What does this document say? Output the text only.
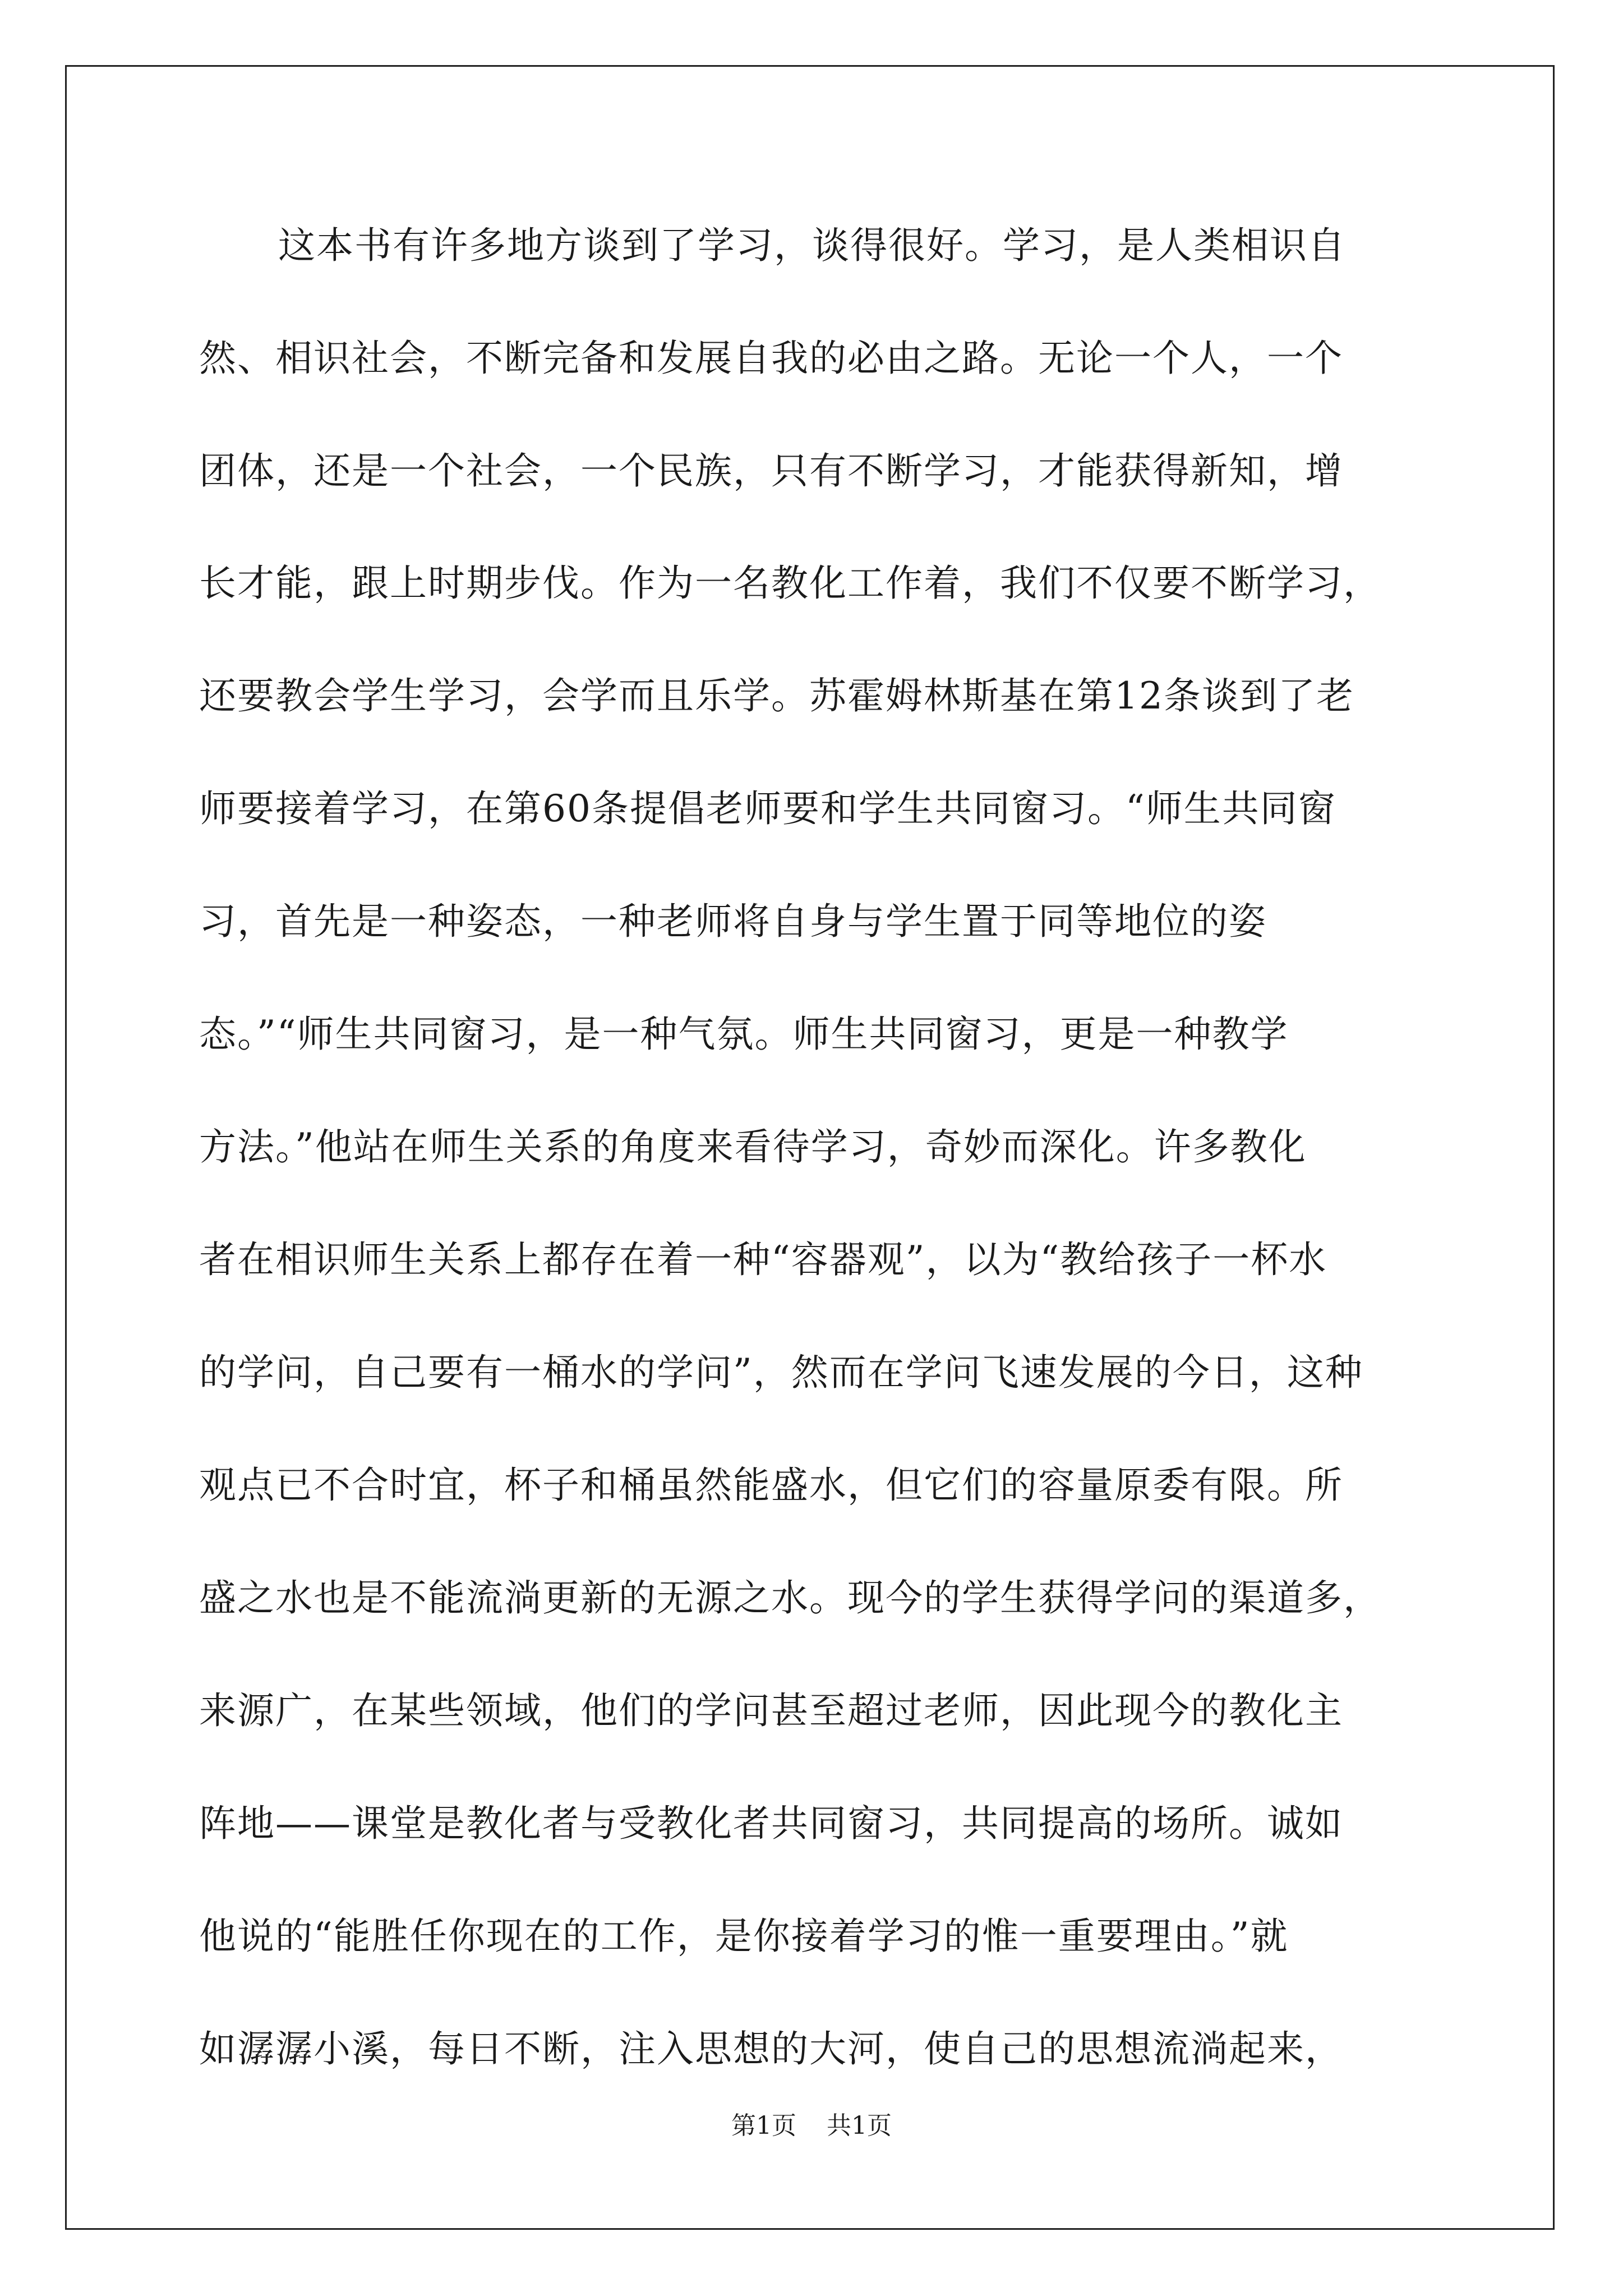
这本书有许多地方谈到了学习，谈得很好。学习，是人类相识自
然、相识社会，不断完备和发展自我的必由之路。无论一个人，一个
团体，还是一个社会，一个民族，只有不断学习，才能获得新知，增
长才能，跟上时期步伐。作为一名教化工作着，我们不仅要不断学习，
还要教会学生学习，会学而且乐学。苏霍姆林斯基在第12条谈到了老
师要接着学习，在第60条提倡老师要和学生共同窗习。“师生共同窗
习，首先是一种姿态，一种老师将自身与学生置于同等地位的姿
态。”“师生共同窗习，是一种气氛。师生共同窗习，更是一种教学
方法。”他站在师生关系的角度来看待学习，奇妙而深化。许多教化
者在相识师生关系上都存在着一种“容器观”，以为“教给孩子一杯水
的学问，自己要有一桶水的学问”，然而在学问飞速发展的今日，这种
观点已不合时宜，杯子和桶虽然能盛水，但它们的容量原委有限。所
盛之水也是不能流淌更新的无源之水。现今的学生获得学问的渠道多，
来源广，在某些领域，他们的学问甚至超过老师，因此现今的教化主
阵地——课堂是教化者与受教化者共同窗习，共同提高的场所。诚如
他说的“能胜任你现在的工作，是你接着学习的惟一重要理由。”就
如潺潺小溪，每日不断，注入思想的大河，使自己的思想流淌起来，
第1页 共1页
